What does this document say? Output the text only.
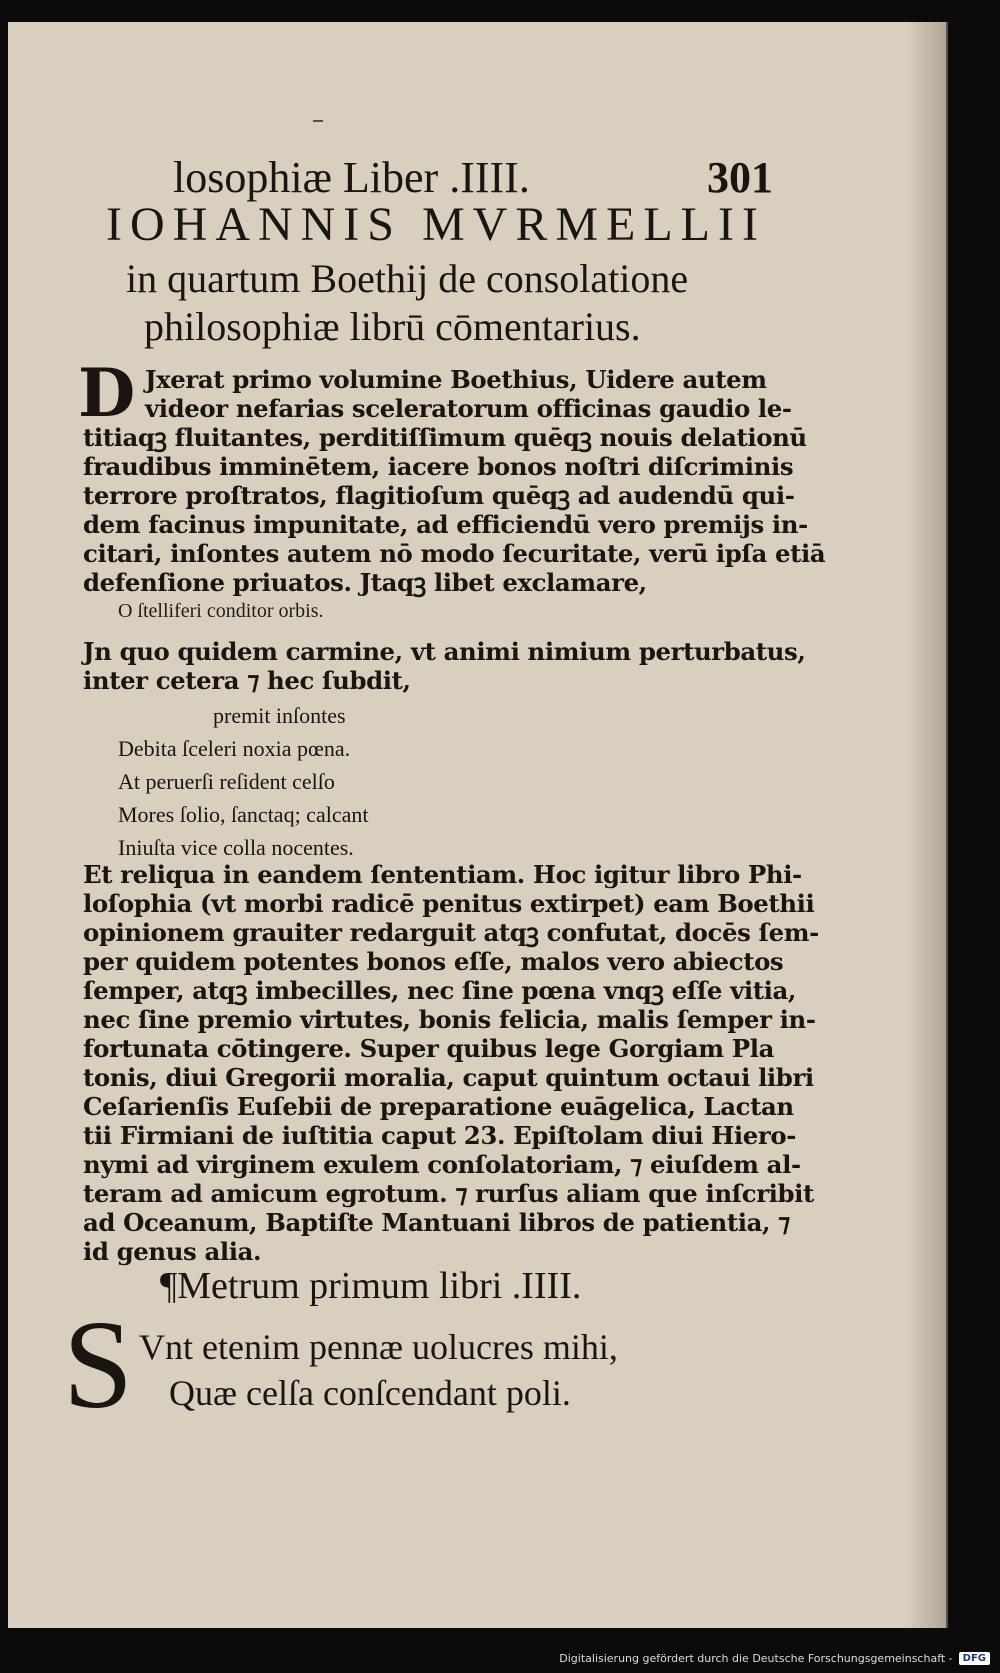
losophiæ Liber .IIII.	301
IOHANNIS MVRMELLII
in quartum Boethij de consolatione
philosophiæ librū cōmentarius.
D Jxerat primo volumine Boethius, Uidere autem
videor nefarias sceleratorum officinas gaudio le-
titiaqꝫ fluitantes, perditiſſimum quēqꝫ nouis delationū
fraudibus imminētem, iacere bonos noſtri diſcriminis
terrore proſtratos, flagitioſum quēqꝫ ad audendū qui-
dem facinus impunitate, ad efficiendū vero premijs in-
citari, inſontes autem nō modo ſecuritate, verū ipſa etiā
defenſione priuatos. Jtaqꝫ libet exclamare,
O ſtelliferi conditor orbis.
Jn quo quidem carmine, vt animi nimium perturbatus,
inter cetera ⁊ hec ſubdit,
premit inſontes
Debita ſceleri noxia pœna.
At peruerſi reſident celſo
Mores ſolio, ſanctaq; calcant
Iniuſta vice colla nocentes.
Et reliqua in eandem ſententiam. Hoc igitur libro Phi-
loſophia (vt morbi radicē penitus extirpet) eam Boethii
opinionem grauiter redarguit atqꝫ confutat, docēs ſem-
per quidem potentes bonos eſſe, malos vero abiectos
ſemper, atqꝫ imbecilles, nec ſine pœna vnqꝫ eſſe vitia,
nec ſine premio virtutes, bonis felicia, malis ſemper in-
fortunata cōtingere. Super quibus lege Gorgiam Pla
tonis, diui Gregorii moralia, caput quintum octaui libri
Ceſarienſis Euſebii de preparatione euāgelica, Lactan
tii Firmiani de iuſtitia caput 23. Epiſtolam diui Hiero-
nymi ad virginem exulem conſolatoriam, ⁊ eiuſdem al-
teram ad amicum egrotum. ⁊ rurſus aliam que inſcribit
ad Oceanum, Baptiſte Mantuani libros de patientia, ⁊
id genus alia.
¶Metrum primum libri .IIII.
S Vnt etenim pennæ uolucres mihi,
Quæ celſa conſcendant poli.
Digitalisierung gefördert durch die Deutsche Forschungsgemeinschaft -	DFG
